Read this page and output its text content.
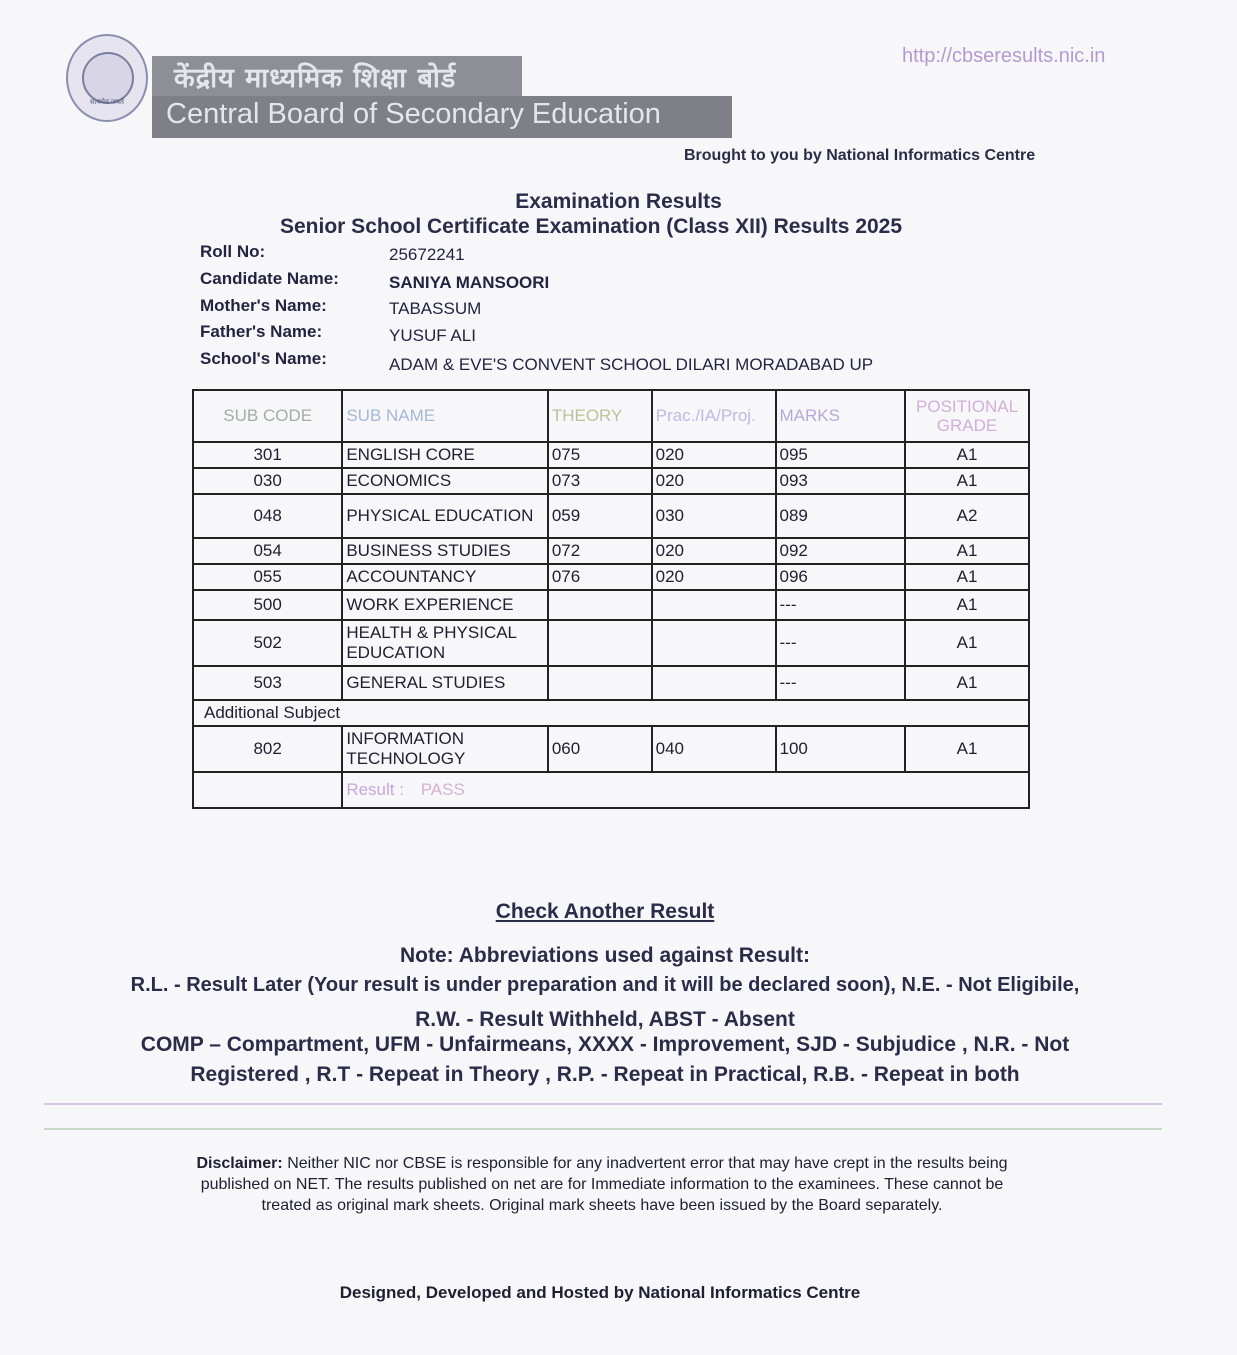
सत्यमेव जयते
केंद्रीय माध्यमिक शिक्षा बोर्ड
Central Board of Secondary Education
http://cbseresults.nic.in
Brought to you by National Informatics Centre
Examination Results
Senior School Certificate Examination (Class XII) Results 2025
Roll No:	25672241
Candidate Name:	SANIYA MANSOORI
Mother's Name:	TABASSUM
Father's Name:	YUSUF ALI
School's Name:	ADAM & EVE'S CONVENT SCHOOL DILARI MORADABAD UP
SUB CODE	SUB NAME	THEORY	Prac./IA/Proj.	MARKS	POSITIONAL GRADE
301	ENGLISH CORE	075	020	095	A1
030	ECONOMICS	073	020	093	A1
048	PHYSICAL EDUCATION	059	030	089	A2
054	BUSINESS STUDIES	072	020	092	A1
055	ACCOUNTANCY	076	020	096	A1
500	WORK EXPERIENCE			---	A1
502	HEALTH & PHYSICAL EDUCATION			---	A1
503	GENERAL STUDIES			---	A1
Additional Subject					
802	INFORMATION TECHNOLOGY	060	040	100	A1
	Result : PASS				
Check Another Result
Note: Abbreviations used against Result:
R.L. - Result Later (Your result is under preparation and it will be declared soon), N.E. - Not Eligibile,
R.W. - Result Withheld, ABST - Absent
COMP – Compartment, UFM - Unfairmeans, XXXX - Improvement, SJD - Subjudice , N.R. - Not
Registered , R.T - Repeat in Theory , R.P. - Repeat in Practical, R.B. - Repeat in both
Disclaimer: Neither NIC nor CBSE is responsible for any inadvertent error that may have crept in the results being published on NET. The results published on net are for Immediate information to the examinees. These cannot be treated as original mark sheets. Original mark sheets have been issued by the Board separately.
Designed, Developed and Hosted by National Informatics Centre
